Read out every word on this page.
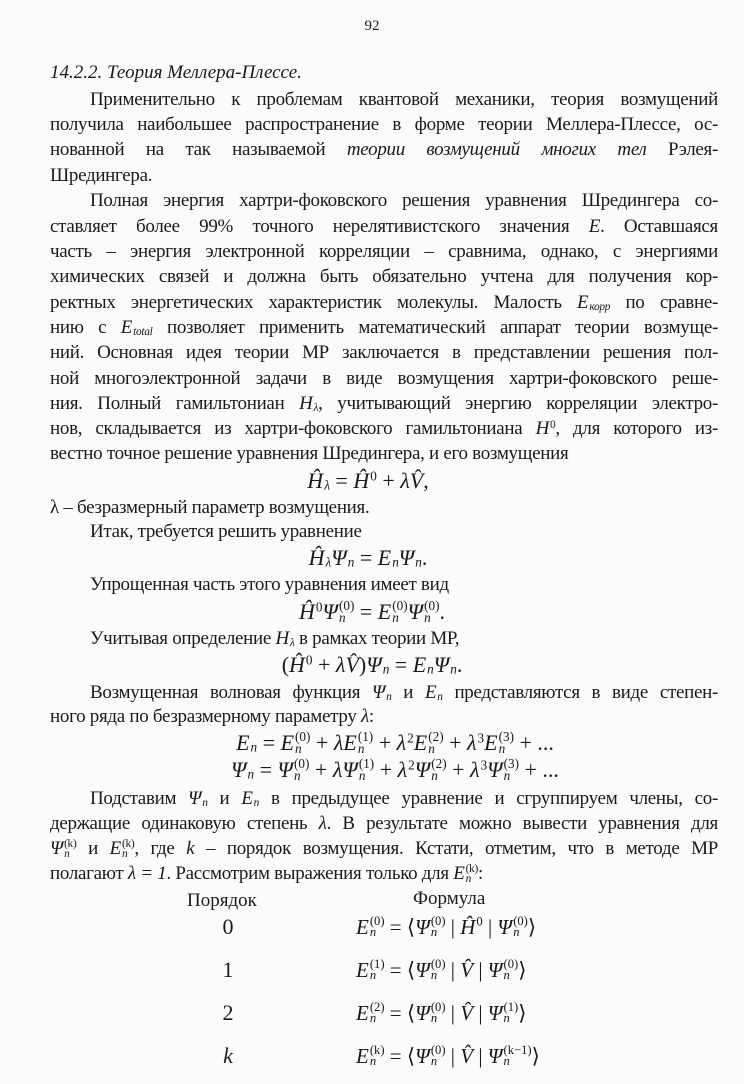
92
14.2.2. Теория Меллера-Плессе.
Применительно к проблемам квантовой механики, теория возмущений
получила наибольшее распространение в форме теории Меллера-Плессе, ос-
нованной на так называемой теории возмущений многих тел Рэлея-
Шредингера.
Полная энергия хартри-фоковского решения уравнения Шредингера со-
ставляет более 99% точного нерелятивистского значения E. Оставшаяся
часть – энергия электронной корреляции – сравнима, однако, с энергиями
химических связей и должна быть обязательно учтена для получения кор-
ректных энергетических характеристик молекулы. Малость E корр по сравне-
нию с E total позволяет применить математический аппарат теории возмуще-
ний. Основная идея теории МР заключается в представлении решения пол-
ной многоэлектронной задачи в виде возмущения хартри-фоковского реше-
ния. Полный гамильтониан H λ , учитывающий энергию корреляции электро-
нов, складывается из хартри-фоковского гамильтониана H 0 , для которого из-
вестно точное решение уравнения Шредингера, и его возмущения
Ĥ λ = Ĥ 0 + λV̂,
λ – безразмерный параметр возмущения.
Итак, требуется решить уравнение
Ĥ λ Ψ n = E n Ψ n .
Упрощенная часть этого уравнения имеет вид
Ĥ 0 Ψ (0)
n = E (0)
n Ψ (0)
n .
Учитывая определение H λ в рамках теории МР,
( Ĥ 0 + λV̂) Ψ n = E n Ψ n .
Возмущенная волновая функция Ψ n и E n представляются в виде степен-
ного ряда по безразмерному параметру λ:
E n = E (0)
n + λ E (1)
n + λ 2 E (2)
n + λ 3 E (3)
n + ...
Ψ n = Ψ (0)
n + λ Ψ (1)
n + λ 2 Ψ (2)
n + λ 3 Ψ (3)
n + ...
Подставим Ψ n и E n в предыдущее уравнение и сгруппируем члены, со-
держащие одинаковую степень λ. В результате можно вывести уравнения для
Ψ (k)
n и E (k)
n , где k – порядок возмущения. Кстати, отметим, что в методе МР
полагают λ = 1. Рассмотрим выражения только для E (k)
n :
Порядок	Формула
0	E (0)
n = ⟨ Ψ (0)
n | Ĥ 0 | Ψ (0)
n ⟩
1	E (1)
n = ⟨ Ψ (0)
n | V̂ | Ψ (0)
n ⟩
2	E (2)
n = ⟨ Ψ (0)
n | V̂ | Ψ (1)
n ⟩
k	E (k)
n = ⟨ Ψ (0)
n | V̂ | Ψ (k−1)
n	⟩
